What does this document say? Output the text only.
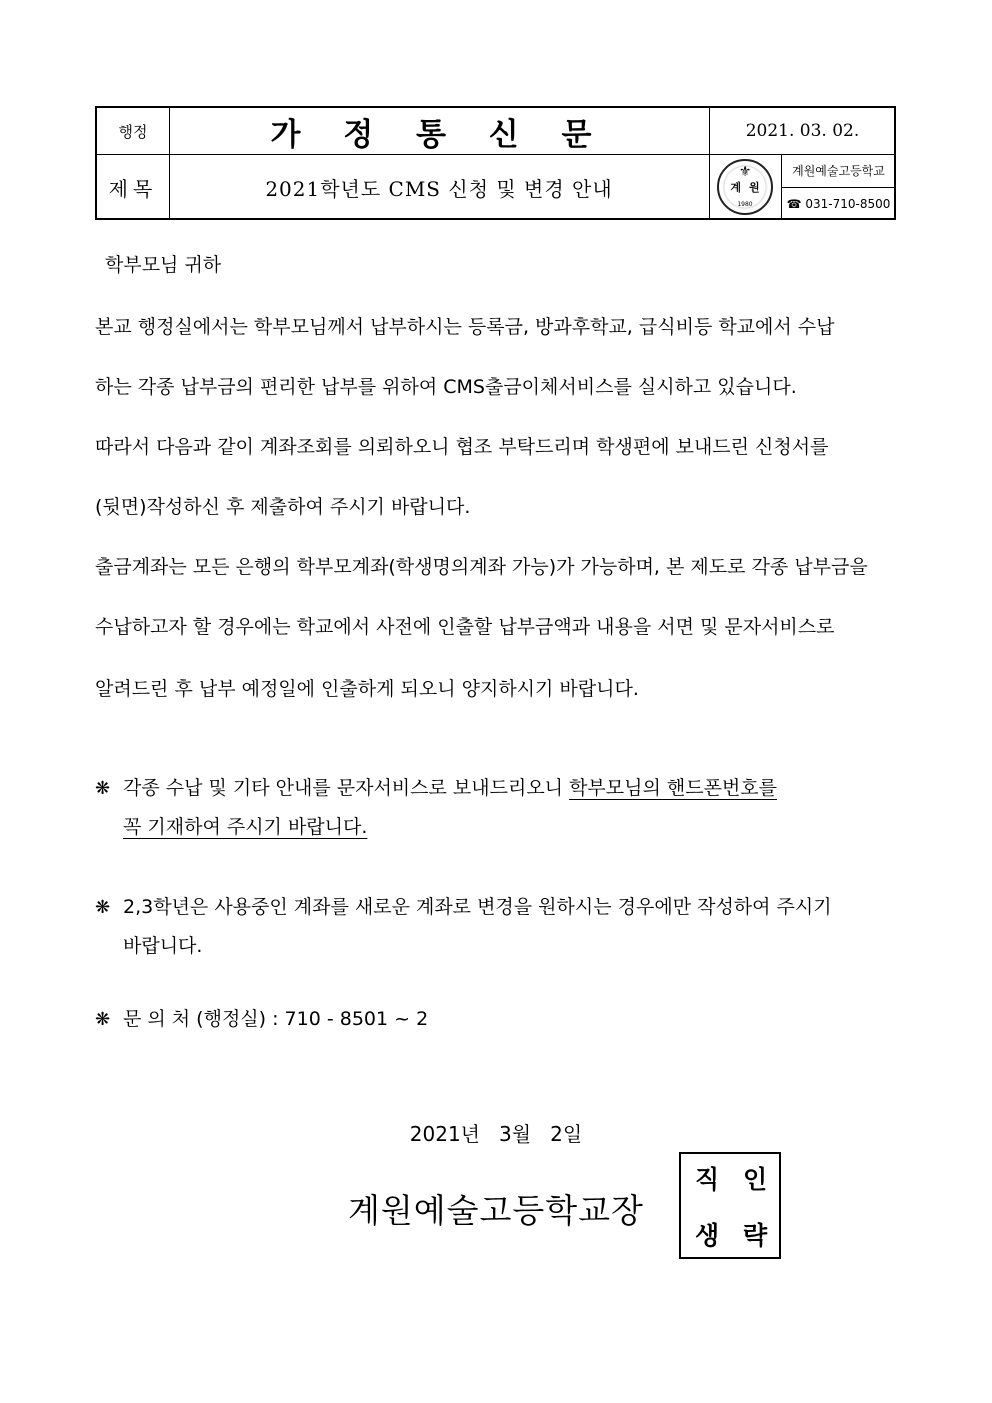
행정	가 정 통 신 문	2021. 03. 02.
제목	2021학년도 CMS 신청 및 변경 안내
⚜
계원
1980
계원예술고등학교
☎ 031-710-8500
학부모님 귀하
본교 행정실에서는 학부모님께서 납부하시는 등록금, 방과후학교, 급식비등 학교에서 수납
하는 각종 납부금의 편리한 납부를 위하여 CMS출금이체서비스를 실시하고 있습니다.
따라서 다음과 같이 계좌조회를 의뢰하오니 협조 부탁드리며 학생편에 보내드린 신청서를
(뒷면)작성하신 후 제출하여 주시기 바랍니다.
출금계좌는 모든 은행의 학부모계좌(학생명의계좌 가능)가 가능하며, 본 제도로 각종 납부금을
수납하고자 할 경우에는 학교에서 사전에 인출할 납부금액과 내용을 서면 및 문자서비스로
알려드린 후 납부 예정일에 인출하게 되오니 양지하시기 바랍니다.
❋ 각종 수납 및 기타 안내를 문자서비스로 보내드리오니 학부모님의 핸드폰번호를
꼭 기재하여 주시기 바랍니다.
❋ 2,3학년은 사용중인 계좌를 새로운 계좌로 변경을 원하시는 경우에만 작성하여 주시기
바랍니다.
❋ 문 의 처 (행정실) : 710 - 8501 ~ 2
2021년   3월   2일
계원예술고등학교장
직 인
생 략
